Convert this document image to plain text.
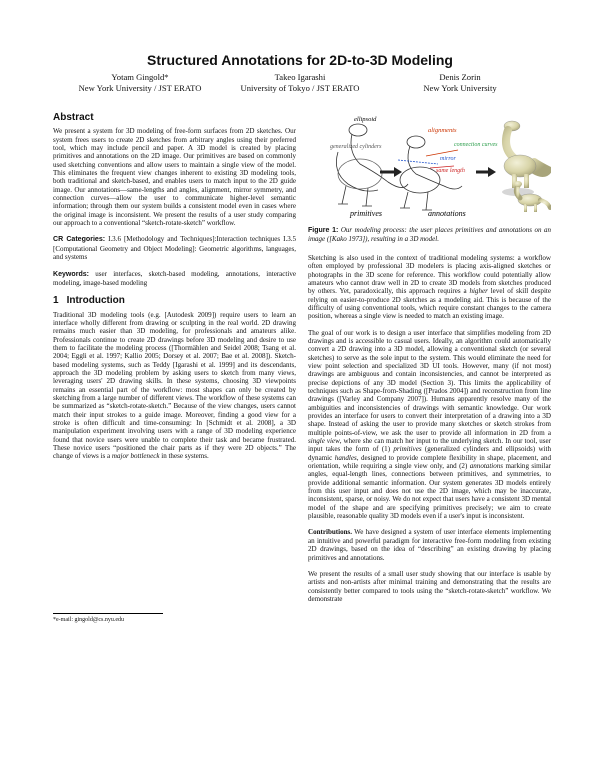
Structured Annotations for 2D-to-3D Modeling
Yotam Gingold*
New York University / JST ERATO
Takeo Igarashi
University of Tokyo / JST ERATO
Denis Zorin
New York University
Abstract

We present a system for 3D modeling of free-form surfaces from 2D sketches. Our system frees users to create 2D sketches from arbitrary angles using their preferred tool, which may include pencil and paper. A 3D model is created by placing primitives and annotations on the 2D image. Our primitives are based on commonly used sketching conventions and allow users to maintain a single view of the model. This eliminates the frequent view changes inherent to existing 3D modeling tools, both traditional and sketch-based, and enables users to match input to the 2D guide image. Our annotations—same-lengths and angles, alignment, mirror symmetry, and connection curves—allow the user to communicate higher-level semantic information; through them our system builds a consistent model even in cases where the original image is inconsistent. We present the results of a user study comparing our approach to a conventional “sketch-rotate-sketch” workflow.

CR Categories: I.3.6 [Methodology and Techniques]:Interaction techniques I.3.5 [Computational Geometry and Object Modeling]: Geometric algorithms, languages, and systems

Keywords: user interfaces, sketch-based modeling, annotations, interactive modeling, image-based modeling

1 Introduction

Traditional 3D modeling tools (e.g. [Autodesk 2009]) require users to learn an interface wholly different from drawing or sculpting in the real world. 2D drawing remains much easier than 3D modeling, for professionals and amateurs alike. Professionals continue to create 2D drawings before 3D modeling and desire to use them to facilitate the modeling process ([Thormählen and Seidel 2008; Tsang et al. 2004; Eggli et al. 1997; Kallio 2005; Dorsey et al. 2007; Bae et al. 2008]). Sketch-based modeling systems, such as Teddy [Igarashi et al. 1999] and its descendants, approach the 3D modeling problem by asking users to sketch from many views, leveraging users' 2D drawing skills. In these systems, choosing 3D viewpoints remains an essential part of the workflow: most shapes can only be created by sketching from a large number of different views. The workflow of these systems can be summarized as “sketch-rotate-sketch.” Because of the view changes, users cannot match their input strokes to a guide image. Moreover, finding a good view for a stroke is often difficult and time-consuming: In [Schmidt et al. 2008], a 3D manipulation experiment involving users with a range of 3D modeling experience found that novice users were unable to complete their task and became frustrated. These novice users “positioned the chair parts as if they were 2D objects.” The change of views is a major bottleneck in these systems.

*e-mail: gingold@cs.nyu.edu
ellipsoid
generalized cylinders
primitives
alignments
connection curves
mirror
same length
annotations
Figure 1: Our modeling process: the user places primitives and annotations on an image ([Kako 1973]), resulting in a 3D model.

Sketching is also used in the context of traditional modeling systems: a workflow often employed by professional 3D modelers is placing axis-aligned sketches or photographs in the 3D scene for reference. This workflow could potentially allow amateurs who cannot draw well in 2D to create 3D models from sketches produced by others. Yet, paradoxically, this approach requires a higher level of skill despite relying on easier-to-produce 2D sketches as a modeling aid. This is because of the difficulty of using conventional tools, which require constant changes to the camera position, whereas a single view is needed to match an existing image.

The goal of our work is to design a user interface that simplifies modeling from 2D drawings and is accessible to casual users. Ideally, an algorithm could automatically convert a 2D drawing into a 3D model, allowing a conventional sketch (or several sketches) to serve as the sole input to the system. This would eliminate the need for view point selection and specialized 3D UI tools. However, many (if not most) drawings are ambiguous and contain inconsistencies, and cannot be interpreted as precise depictions of any 3D model (Section 3). This limits the applicability of techniques such as Shape-from-Shading ([Prados 2004]) and reconstruction from line drawings ([Varley and Company 2007]). Humans apparently resolve many of the ambiguities and inconsistencies of drawings with semantic knowledge. Our work provides an interface for users to convert their interpretation of a drawing into a 3D shape. Instead of asking the user to provide many sketches or sketch strokes from multiple points-of-view, we ask the user to provide all information in 2D from a single view, where she can match her input to the underlying sketch. In our tool, user input takes the form of (1) primitives (generalized cylinders and ellipsoids) with dynamic handles, designed to provide complete flexibility in shape, placement, and orientation, while requiring a single view only, and (2) annotations marking similar angles, equal-length lines, connections between primitives, and symmetries, to provide additional semantic information. Our system generates 3D models entirely from this user input and does not use the 2D image, which may be inaccurate, inconsistent, sparse, or noisy. We do not expect that users have a consistent 3D mental model of the shape and are specifying primitives precisely; we aim to create plausible, reasonable quality 3D models even if a user's input is inconsistent.

Contributions. We have designed a system of user interface elements implementing an intuitive and powerful paradigm for interactive free-form modeling from existing 2D drawings, based on the idea of “describing” an existing drawing by placing primitives and annotations.

We present the results of a small user study showing that our interface is usable by artists and non-artists after minimal training and demonstrating that the results are consistently better compared to tools using the “sketch-rotate-sketch” workflow. We demonstrate
